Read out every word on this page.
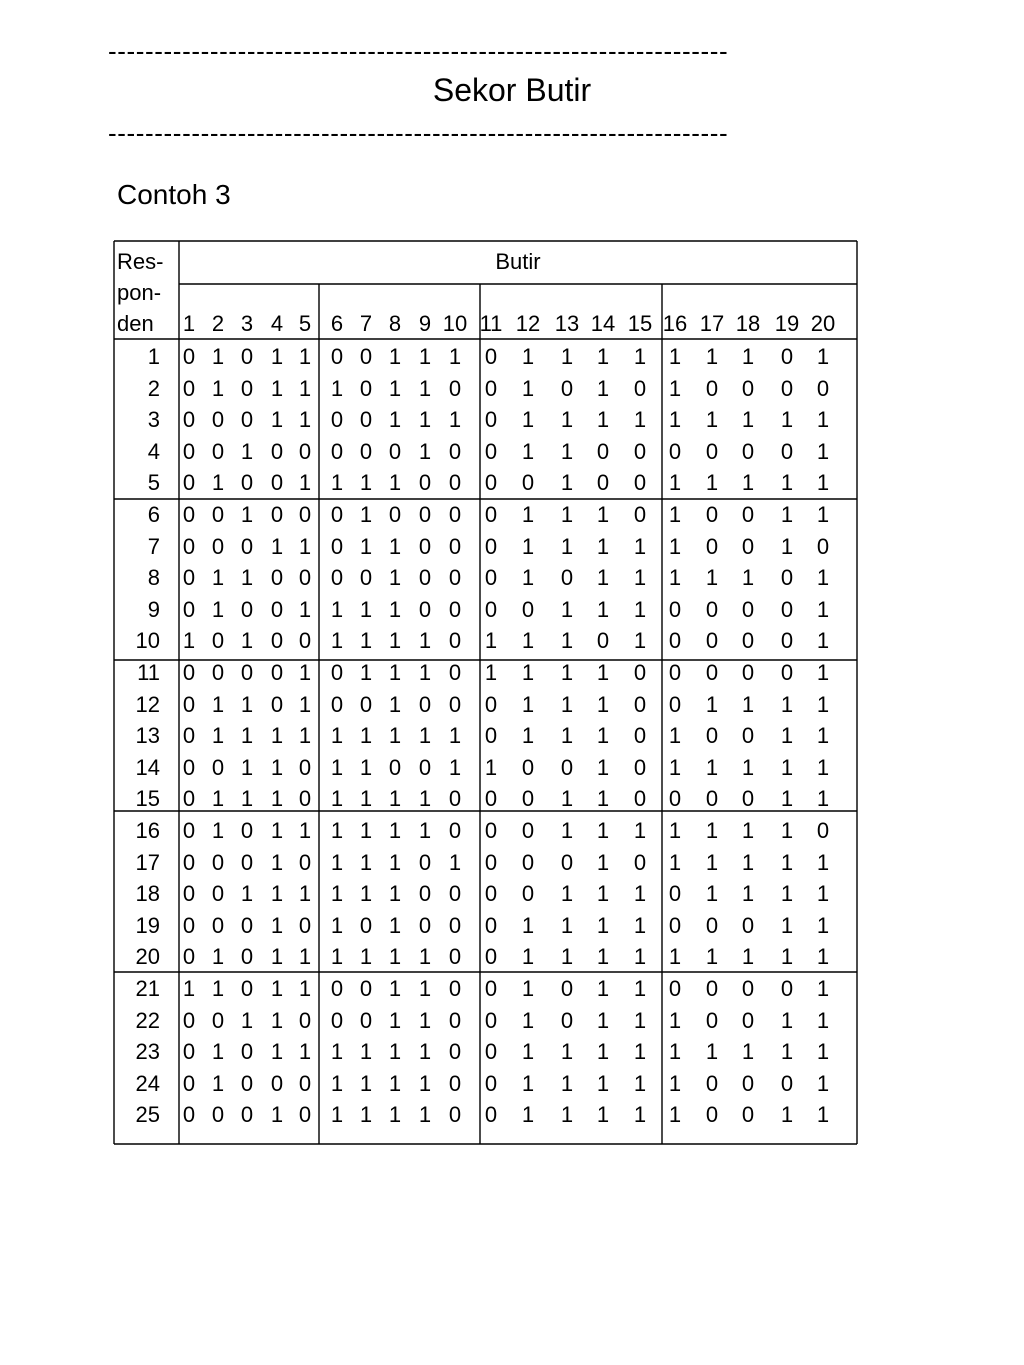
-------------------------------------------------------------------
Sekor Butir
-------------------------------------------------------------------
Contoh 3
Res-
pon-
den
Butir
1 2 3 4 5 6 7 8 9 10 11 12 13 14 15 16 17 18 19 20
1	0 1 0 1 1 0 0 1 1 1	0	1	1	1	1	1	1	1	0	1
2	0 1 0 1 1 1 0 1 1 0	0	1	0	1	0	1	0	0	0	0
3	0 0 0 1 1 0 0 1 1 1	0	1	1	1	1	1	1	1	1	1
4	0 0 1 0 0 0 0 0 1 0	0	1	1	0	0	0	0	0	0	1
5	0 1 0 0 1 1 1 1 0 0	0	0	1	0	0	1	1	1	1	1
6	0 0 1 0 0 0 1 0 0 0	0	1	1	1	0	1	0	0	1	1
7	0 0 0 1 1 0 1 1 0 0	0	1	1	1	1	1	0	0	1	0
8	0 1 1 0 0 0 0 1 0 0	0	1	0	1	1	1	1	1	0	1
9	0 1 0 0 1 1 1 1 0 0	0	0	1	1	1	0	0	0	0	1
10	1 0 1 0 0 1 1 1 1 0	1	1	1	0	1	0	0	0	0	1
11	0 0 0 0 1 0 1 1 1 0	1	1	1	1	0	0	0	0	0	1
12	0 1 1 0 1 0 0 1 0 0	0	1	1	1	0	0	1	1	1	1
13	0 1 1 1 1 1 1 1 1 1	0	1	1	1	0	1	0	0	1	1
14	0 0 1 1 0 1 1 0 0 1	1	0	0	1	0	1	1	1	1	1
15	0 1 1 1 0 1 1 1 1 0	0	0	1	1	0	0	0	0	1	1
16	0 1 0 1 1 1 1 1 1 0	0	0	1	1	1	1	1	1	1	0
17	0 0 0 1 0 1 1 1 0 1	0	0	0	1	0	1	1	1	1	1
18	0 0 1 1 1 1 1 1 0 0	0	0	1	1	1	0	1	1	1	1
19	0 0 0 1 0 1 0 1 0 0	0	1	1	1	1	0	0	0	1	1
20	0 1 0 1 1 1 1 1 1 0	0	1	1	1	1	1	1	1	1	1
21	1 1 0 1 1 0 0 1 1 0	0	1	0	1	1	0	0	0	0	1
22	0 0 1 1 0 0 0 1 1 0	0	1	0	1	1	1	0	0	1	1
23	0 1 0 1 1 1 1 1 1 0	0	1	1	1	1	1	1	1	1	1
24	0 1 0 0 0 1 1 1 1 0	0	1	1	1	1	1	0	0	0	1
25	0 0 0 1 0 1 1 1 1 0	0	1	1	1	1	1	0	0	1	1
